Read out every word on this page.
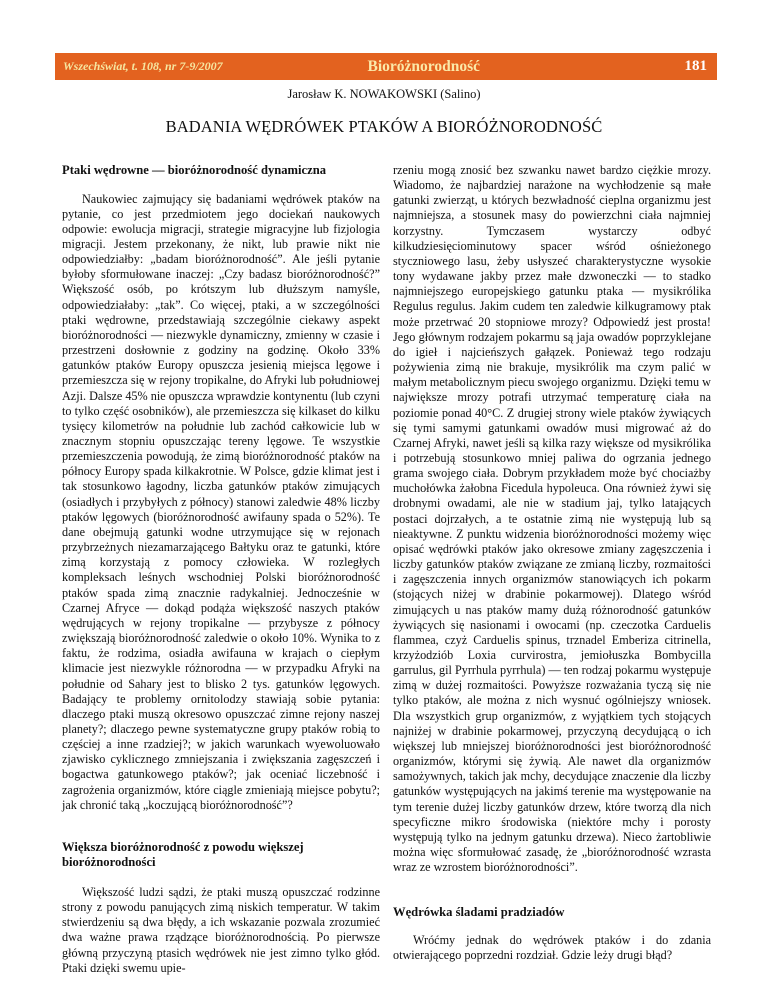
Wszechświat, t. 108, nr 7-9/2007	Bioróżnorodność	181
Jarosław K. NOWAKOWSKI (Salino)
BADANIA WĘDRÓWEK PTAKÓW A BIORÓŻNORODNOŚĆ
Ptaki wędrowne — bioróżnorodność dynamiczna

Naukowiec zajmujący się badaniami wędrówek ptaków na pytanie, co jest przedmiotem jego dociekań naukowych odpowie: ewolucja migracji, strategie migracyjne lub fizjologia migracji. Jestem przekonany, że nikt, lub prawie nikt nie odpowiedziałby: „badam bioróżnorodność”. Ale jeśli pytanie byłoby sformułowane inaczej: „Czy badasz bioróżnorodność?” Większość osób, po krótszym lub dłuższym namyśle, odpowiedziałaby: „tak”. Co więcej, ptaki, a w szczególności ptaki wędrowne, przedstawiają szczególnie ciekawy aspekt bioróżnorodności — niezwykle dynamiczny, zmienny w czasie i przestrzeni dosłownie z godziny na godzinę. Około 33% gatunków ptaków Europy opuszcza jesienią miejsca lęgowe i przemieszcza się w rejony tropikalne, do Afryki lub południowej Azji. Dalsze 45% nie opuszcza wprawdzie kontynentu (lub czyni to tylko część osobników), ale przemieszcza się kilkaset do kilku tysięcy kilometrów na południe lub zachód całkowicie lub w znacznym stopniu opuszczając tereny lęgowe. Te wszystkie przemieszczenia powodują, że zimą bioróżnorodność ptaków na północy Europy spada kilkakrotnie. W Polsce, gdzie klimat jest i tak stosunkowo łagodny, liczba gatunków ptaków zimujących (osiadłych i przybyłych z północy) stanowi zaledwie 48% liczby ptaków lęgowych (bioróżnorodność awifauny spada o 52%). Te dane obejmują gatunki wodne utrzymujące się w rejonach przybrzeżnych niezamarzającego Bałtyku oraz te gatunki, które zimą korzystają z pomocy człowieka. W rozległych kompleksach leśnych wschodniej Polski bioróżnorodność ptaków spada zimą znacznie radykalniej. Jednocześnie w Czarnej Afryce — dokąd podąża większość naszych ptaków wędrujących w rejony tropikalne — przybysze z północy zwiększają bioróżnorodność zaledwie o około 10%. Wynika to z faktu, że rodzima, osiadła awifauna w krajach o ciepłym klimacie jest niezwykle różnorodna — w przypadku Afryki na południe od Sahary jest to blisko 2 tys. gatunków lęgowych. Badający te problemy ornitolodzy stawiają sobie pytania: dlaczego ptaki muszą okresowo opuszczać zimne rejony naszej planety?; dlaczego pewne systematyczne grupy ptaków robią to częściej a inne rzadziej?; w jakich warunkach wyewoluowało zjawisko cyklicznego zmniejszania i zwiększania zagęszczeń i bogactwa gatunkowego ptaków?; jak oceniać liczebność i zagrożenia organizmów, które ciągle zmieniają miejsce pobytu?; jak chronić taką „koczującą bioróżnorodność”?

Większa bioróżnorodność z powodu większej bioróżnorodności

Większość ludzi sądzi, że ptaki muszą opuszczać rodzinne strony z powodu panujących zimą niskich temperatur. W takim stwierdzeniu są dwa błędy, a ich wskazanie pozwala zrozumieć dwa ważne prawa rządzące bioróżnorodnością. Po pierwsze główną przyczyną ptasich wędrówek nie jest zimno tylko głód. Ptaki dzięki swemu upie-

rzeniu mogą znosić bez szwanku nawet bardzo ciężkie mrozy. Wiadomo, że najbardziej narażone na wychłodzenie są małe gatunki zwierząt, u których bezwładność cieplna organizmu jest najmniejsza, a stosunek masy do powierzchni ciała najmniej korzystny. Tymczasem wystarczy odbyć kilkudziesięciominutowy spacer wśród ośnieżonego styczniowego lasu, żeby usłyszeć charakterystyczne wysokie tony wydawane jakby przez małe dzwoneczki — to stadko najmniejszego europejskiego gatunku ptaka — mysikrólika Regulus regulus. Jakim cudem ten zaledwie kilkugramowy ptak może przetrwać 20 stopniowe mrozy? Odpowiedź jest prosta! Jego głównym rodzajem pokarmu są jaja owadów poprzyklejane do igieł i najcieńszych gałązek. Ponieważ tego rodzaju pożywienia zimą nie brakuje, mysikrólik ma czym palić w małym metabolicznym piecu swojego organizmu. Dzięki temu w największe mrozy potrafi utrzymać temperaturę ciała na poziomie ponad 40°C. Z drugiej strony wiele ptaków żywiących się tymi samymi gatunkami owadów musi migrować aż do Czarnej Afryki, nawet jeśli są kilka razy większe od mysikrólika i potrzebują stosunkowo mniej paliwa do ogrzania jednego grama swojego ciała. Dobrym przykładem może być chociażby muchołówka żałobna Ficedula hypoleuca. Ona również żywi się drobnymi owadami, ale nie w stadium jaj, tylko latających postaci dojrzałych, a te ostatnie zimą nie występują lub są nieaktywne. Z punktu widzenia bioróżnorodności możemy więc opisać wędrówki ptaków jako okresowe zmiany zagęszczenia i liczby gatunków ptaków związane ze zmianą liczby, rozmaitości i zagęszczenia innych organizmów stanowiących ich pokarm (stojących niżej w drabinie pokarmowej). Dlatego wśród zimujących u nas ptaków mamy dużą różnorodność gatunków żywiących się nasionami i owocami (np. czeczotka Carduelis flammea, czyż Carduelis spinus, trznadel Emberiza citrinella, krzyżodziób Loxia curvirostra, jemiołuszka Bombycilla garrulus, gil Pyrrhula pyrrhula) — ten rodzaj pokarmu występuje zimą w dużej rozmaitości. Powyższe rozważania tyczą się nie tylko ptaków, ale można z nich wysnuć ogólniejszy wniosek. Dla wszystkich grup organizmów, z wyjątkiem tych stojących najniżej w drabinie pokarmowej, przyczyną decydującą o ich większej lub mniejszej bioróżnorodności jest bioróżnorodność organizmów, którymi się żywią. Ale nawet dla organizmów samożywnych, takich jak mchy, decydujące znaczenie dla liczby gatunków występujących na jakimś terenie ma występowanie na tym terenie dużej liczby gatunków drzew, które tworzą dla nich specyficzne mikro środowiska (niektóre mchy i porosty występują tylko na jednym gatunku drzewa). Nieco żartobliwie można więc sformułować zasadę, że „bioróżnorodność wzrasta wraz ze wzrostem bioróżnorodności”.

Wędrówka śladami pradziadów

Wróćmy jednak do wędrówek ptaków i do zdania otwierającego poprzedni rozdział. Gdzie leży drugi błąd?
